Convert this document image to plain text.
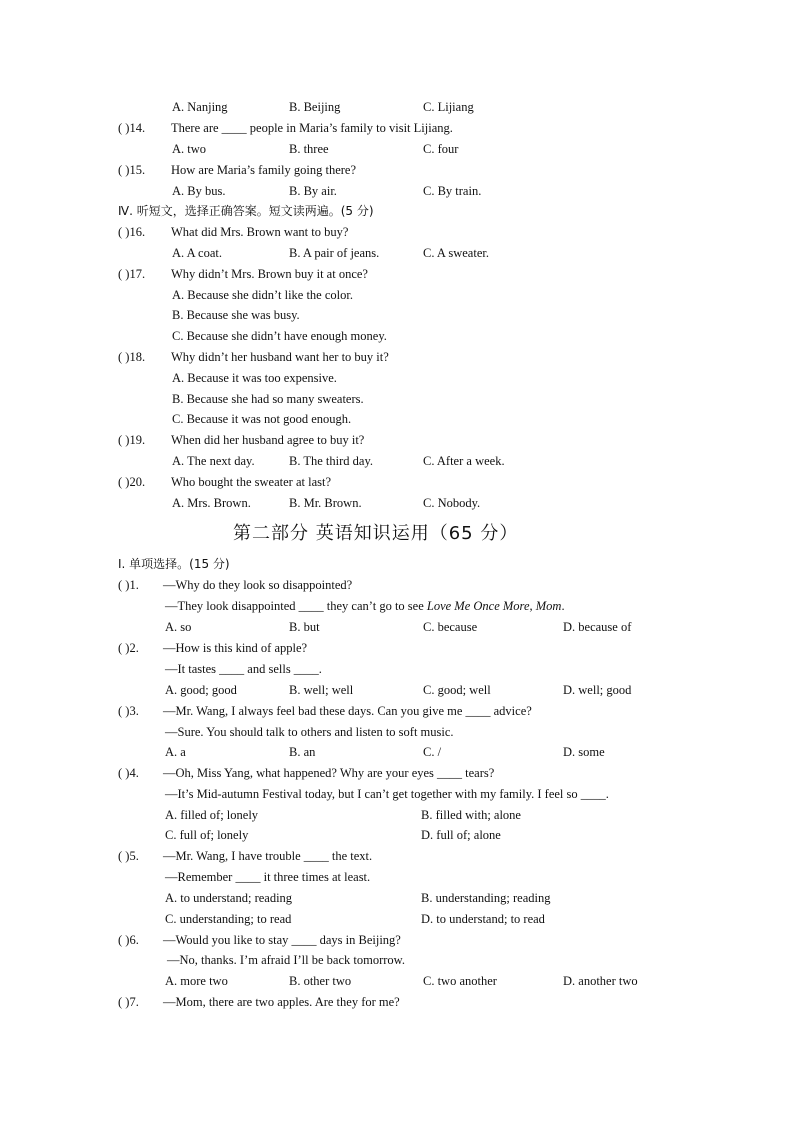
A. Nanjing	B. Beijing	C. Lijiang
( )14. There are ____ people in Maria’s family to visit Lijiang.
A. two	B. three	C. four
( )15. How are Maria’s family going there?
A. By bus.	B. By air.	C. By train.
Ⅳ. 听短文，选择正确答案。短文读两遍。(5 分)
( )16. What did Mrs. Brown want to buy?
A. A coat.	B. A pair of jeans.	C. A sweater.
( )17. Why didn’t Mrs. Brown buy it at once?
A. Because she didn’t like the color.
B. Because she was busy.
C. Because she didn’t have enough money.
( )18. Why didn’t her husband want her to buy it?
A. Because it was too expensive.
B. Because she had so many sweaters.
C. Because it was not good enough.
( )19. When did her husband agree to buy it?
A. The next day.	B. The third day.	C. After a week.
( )20. Who bought the sweater at last?
A. Mrs. Brown.	B. Mr. Brown.	C. Nobody.
第二部分 英语知识运用（65 分）
Ⅰ. 单项选择。(15 分)
( )1. —Why do they look so disappointed?
—They look disappointed ____ they can’t go to see Love Me Once More, Mom.
A. so	B. but	C. because	D. because of
( )2. —How is this kind of apple?
—It tastes ____ and sells ____.
A. good; good	B. well; well	C. good; well	D. well; good
( )3. —Mr. Wang, I always feel bad these days. Can you give me ____ advice?
—Sure. You should talk to others and listen to soft music.
A. a	B. an	C. /	D. some
( )4. —Oh, Miss Yang, what happened? Why are your eyes ____ tears?
—It’s Mid-autumn Festival today, but I can’t get together with my family. I feel so ____.
A. filled of; lonely	B. filled with; alone
C. full of; lonely	D. full of; alone
( )5. —Mr. Wang, I have trouble ____ the text.
—Remember ____ it three times at least.
A. to understand; reading	B. understanding; reading
C. understanding; to read	D. to understand; to read
( )6. —Would you like to stay ____ days in Beijing?
—No, thanks. I’m afraid I’ll be back tomorrow.
A. more two	B. other two	C. two another	D. another two
( )7. —Mom, there are two apples. Are they for me?
